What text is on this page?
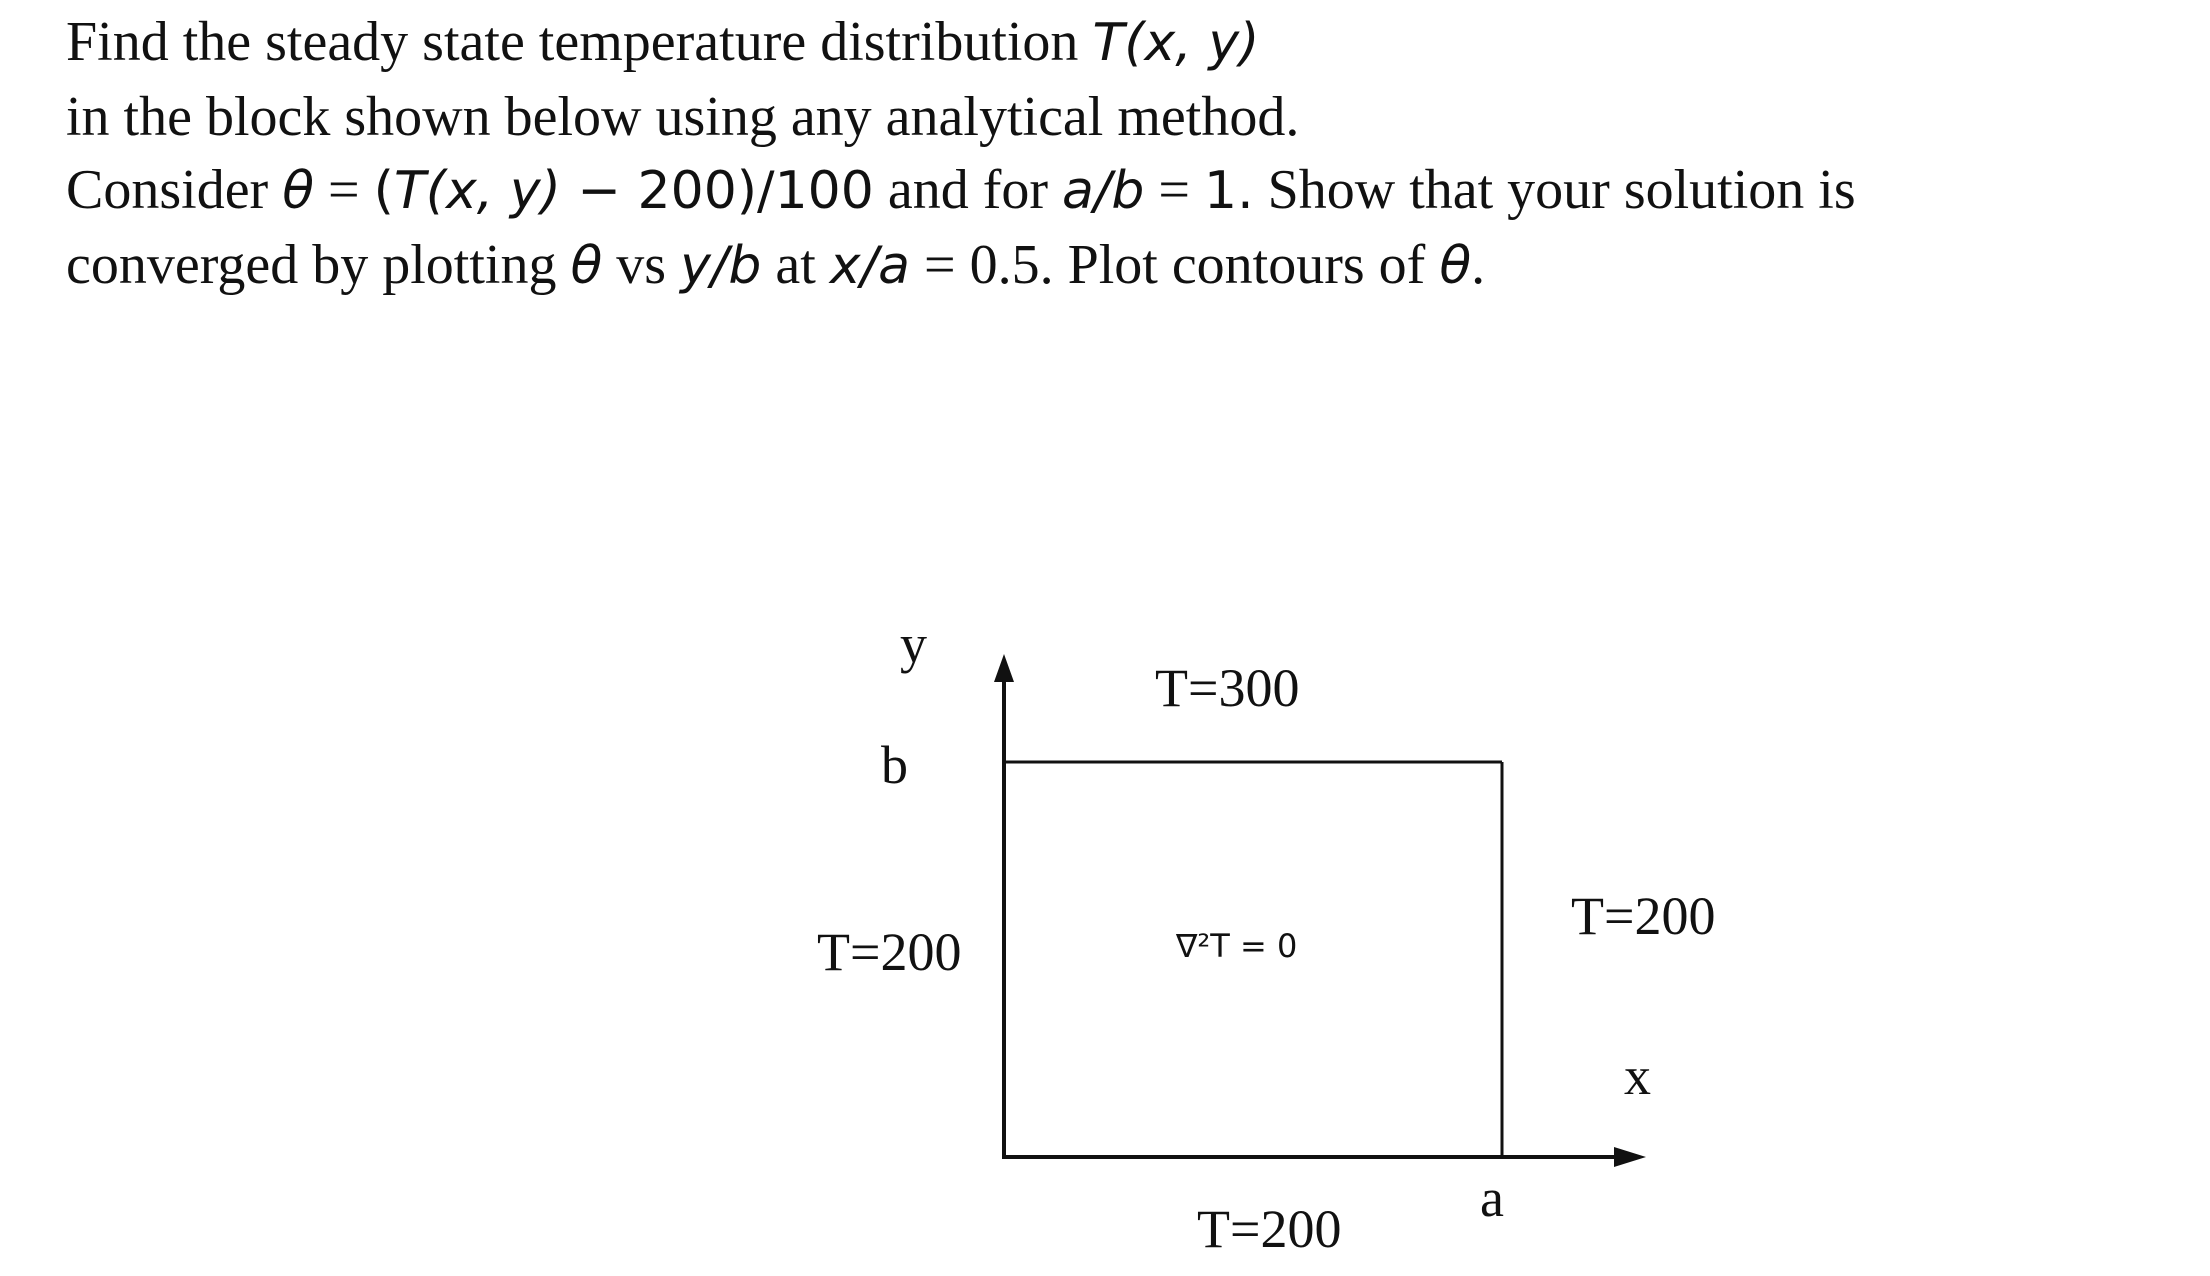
Find the steady state temperature distribution T(x, y)
in the block shown below using any analytical method.
Consider θ = (T(x, y) − 200)/100 and for a/b = 1. Show that your solution is
converged by plotting θ vs y/b at x/a = 0.5. Plot contours of θ.
y
x
b
a
T=300
T=200
T=200
T=200
∇²T = 0
